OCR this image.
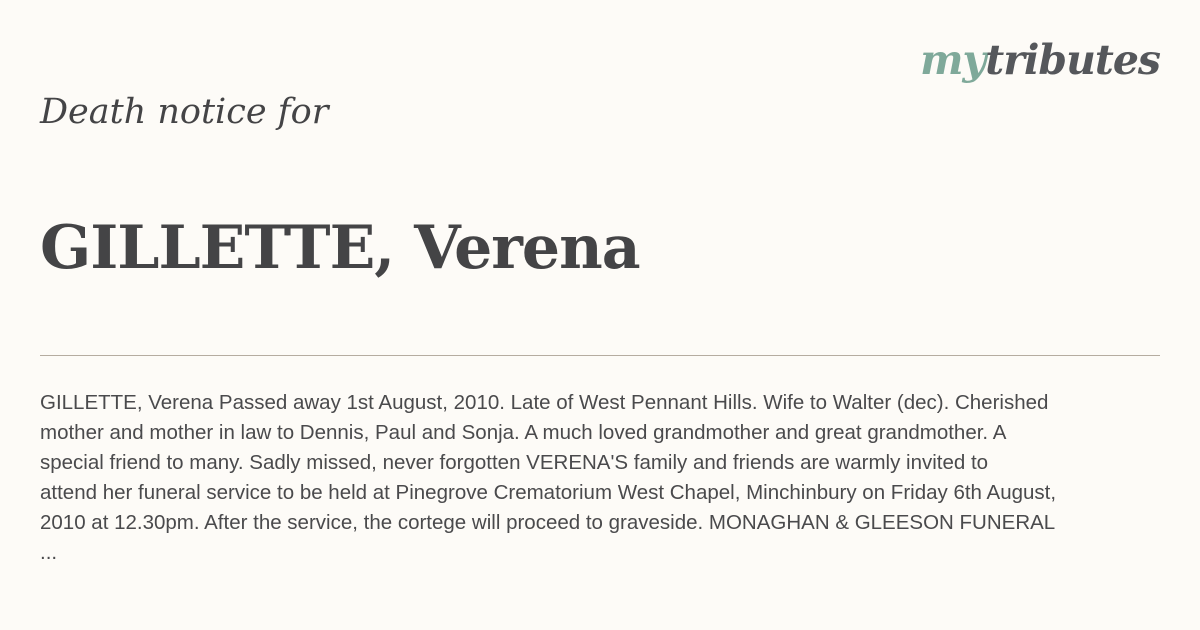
mytributes
Death notice for
GILLETTE, Verena
GILLETTE, Verena Passed away 1st August, 2010. Late of West Pennant Hills. Wife to Walter (dec). Cherished
mother and mother in law to Dennis, Paul and Sonja. A much loved grandmother and great grandmother. A
special friend to many. Sadly missed, never forgotten VERENA'S family and friends are warmly invited to
attend her funeral service to be held at Pinegrove Crematorium West Chapel, Minchinbury on Friday 6th August,
2010 at 12.30pm. After the service, the cortege will proceed to graveside. MONAGHAN & GLEESON FUNERAL
...
